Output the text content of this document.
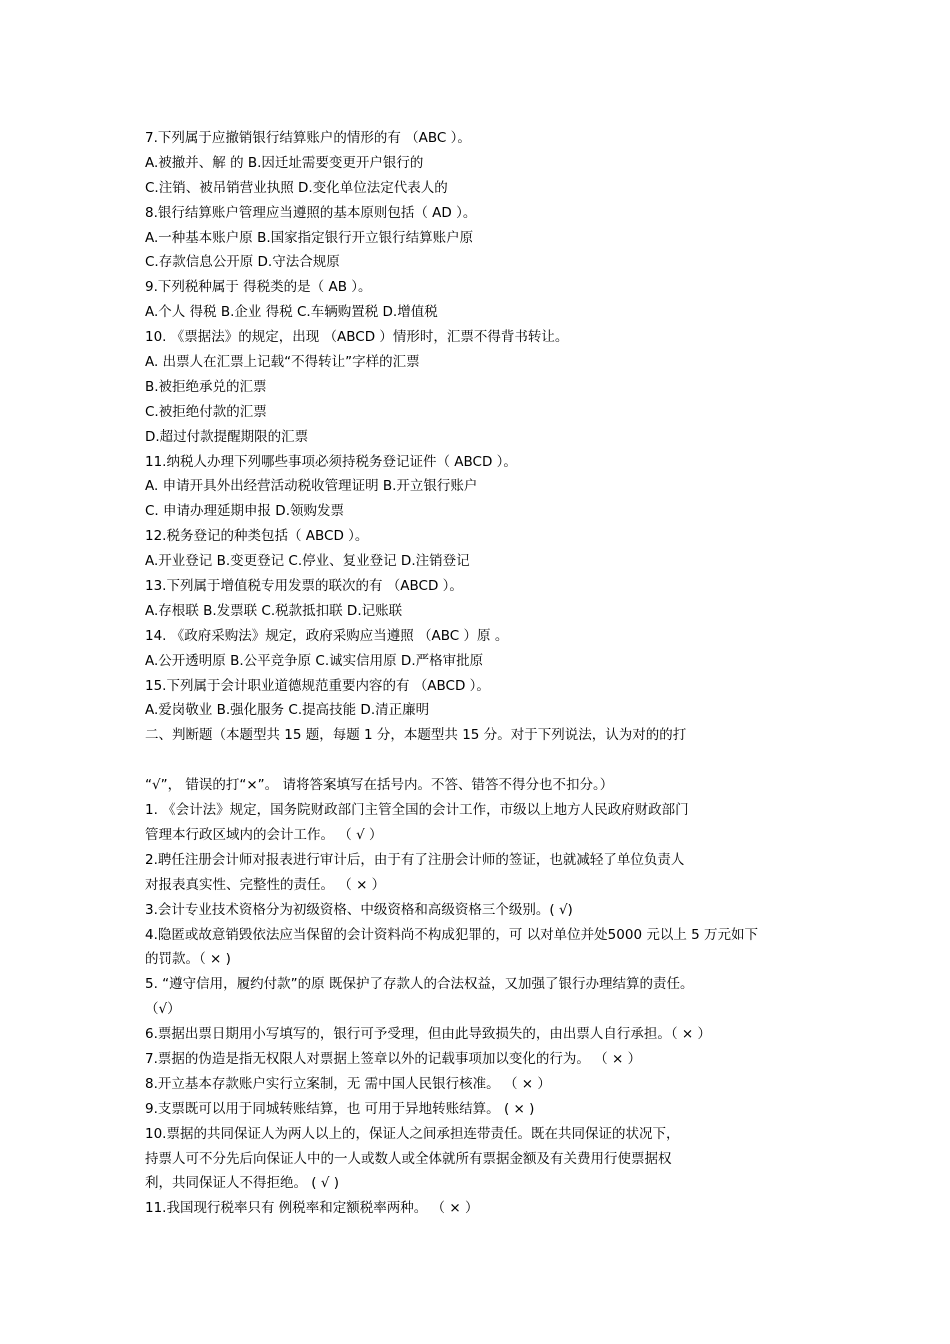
7.下列属于应撤销银行结算账户的情形的有 （ABC ）。
A.被撤并、解 的 B.因迁址需要变更开户银行的
C.注销、被吊销营业执照 D.变化单位法定代表人的
8.银行结算账户管理应当遵照的基本原则包括（ AD ）。
A.一种基本账户原 B.国家指定银行开立银行结算账户原
C.存款信息公开原 D.守法合规原
9.下列税种属于 得税类的是（ AB ）。
A.个人 得税 B.企业 得税 C.车辆购置税 D.增值税
10. 《票据法》的规定，出现 （ABCD ）情形时，汇票不得背书转让。
A. 出票人在汇票上记载“不得转让”字样的汇票
B.被拒绝承兑的汇票
C.被拒绝付款的汇票
D.超过付款提醒期限的汇票
11.纳税人办理下列哪些事项必须持税务登记证件（ ABCD ）。
A. 申请开具外出经营活动税收管理证明 B.开立银行账户
C. 申请办理延期申报 D.领购发票
12.税务登记的种类包括（ ABCD ）。
A.开业登记 B.变更登记 C.停业、复业登记 D.注销登记
13.下列属于增值税专用发票的联次的有 （ABCD ）。
A.存根联 B.发票联 C.税款抵扣联 D.记账联
14. 《政府采购法》规定，政府采购应当遵照 （ABC ）原 。
A.公开透明原 B.公平竞争原 C.诚实信用原 D.严格审批原
15.下列属于会计职业道德规范重要内容的有 （ABCD ）。
A.爱岗敬业 B.强化服务 C.提高技能 D.清正廉明
二、判断题（本题型共 15 题，每题 1 分，本题型共 15 分。对于下列说法，认为对的的打
“√”， 错误的打“×”。 请将答案填写在括号内。不答、错答不得分也不扣分。）
1. 《会计法》规定，国务院财政部门主管全国的会计工作，市级以上地方人民政府财政部门
管理本行政区域内的会计工作。 （ √ ）
2.聘任注册会计师对报表进行审计后，由于有了注册会计师的签证，也就减轻了单位负责人
对报表真实性、完整性的责任。 （ × ）
3.会计专业技术资格分为初级资格、中级资格和高级资格三个级别。( √)
4.隐匿或故意销毁依法应当保留的会计资料尚不构成犯罪的，可 以对单位并处5000 元以上 5 万元如下
的罚款。（ × )
5. “遵守信用，履约付款”的原 既保护了存款人的合法权益，又加强了银行办理结算的责任。
（√）
6.票据出票日期用小写填写的，银行可予受理，但由此导致损失的，由出票人自行承担。（ × ）
7.票据的伪造是指无权限人对票据上签章以外的记载事项加以变化的行为。 （ × ）
8.开立基本存款账户实行立案制，无 需中国人民银行核准。 （ × ）
9.支票既可以用于同城转账结算，也 可用于异地转账结算。 ( × )
10.票据的共同保证人为两人以上的，保证人之间承担连带责任。既在共同保证的状况下，
持票人可不分先后向保证人中的一人或数人或全体就所有票据金额及有关费用行使票据权
利，共同保证人不得拒绝。 ( √ )
11.我国现行税率只有 例税率和定额税率两种。 （ × ）
